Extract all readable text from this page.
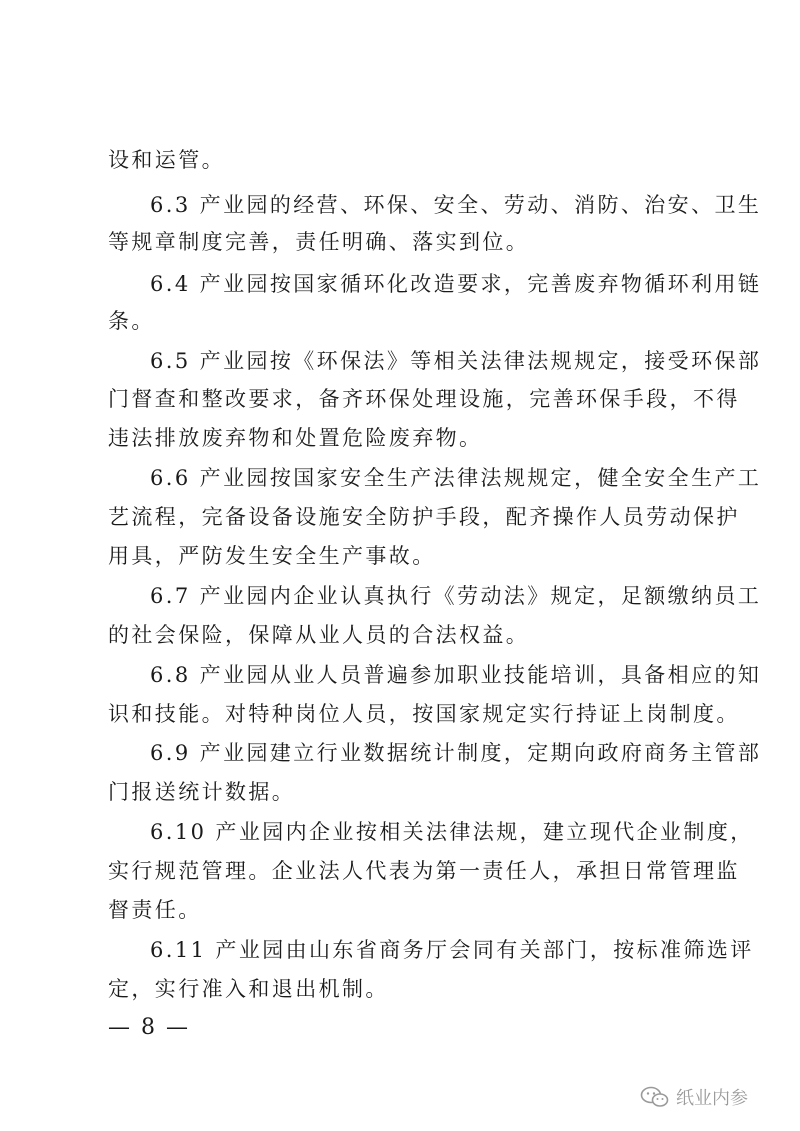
设和运管。
6.3 产业园的经营、环保、安全、劳动、消防、治安、卫生
等规章制度完善，责任明确、落实到位。
6.4 产业园按国家循环化改造要求，完善废弃物循环利用链
条。
6.5 产业园按《环保法》等相关法律法规规定，接受环保部
门督查和整改要求，备齐环保处理设施，完善环保手段，不得
违法排放废弃物和处置危险废弃物。
6.6 产业园按国家安全生产法律法规规定，健全安全生产工
艺流程，完备设备设施安全防护手段，配齐操作人员劳动保护
用具，严防发生安全生产事故。
6.7 产业园内企业认真执行《劳动法》规定，足额缴纳员工
的社会保险，保障从业人员的合法权益。
6.8 产业园从业人员普遍参加职业技能培训，具备相应的知
识和技能。对特种岗位人员，按国家规定实行持证上岗制度。
6.9 产业园建立行业数据统计制度，定期向政府商务主管部
门报送统计数据。
6.10 产业园内企业按相关法律法规，建立现代企业制度，
实行规范管理。企业法人代表为第一责任人，承担日常管理监
督责任。
6.11 产业园由山东省商务厅会同有关部门，按标准筛选评
定，实行准入和退出机制。
— 8 —
纸业内参
